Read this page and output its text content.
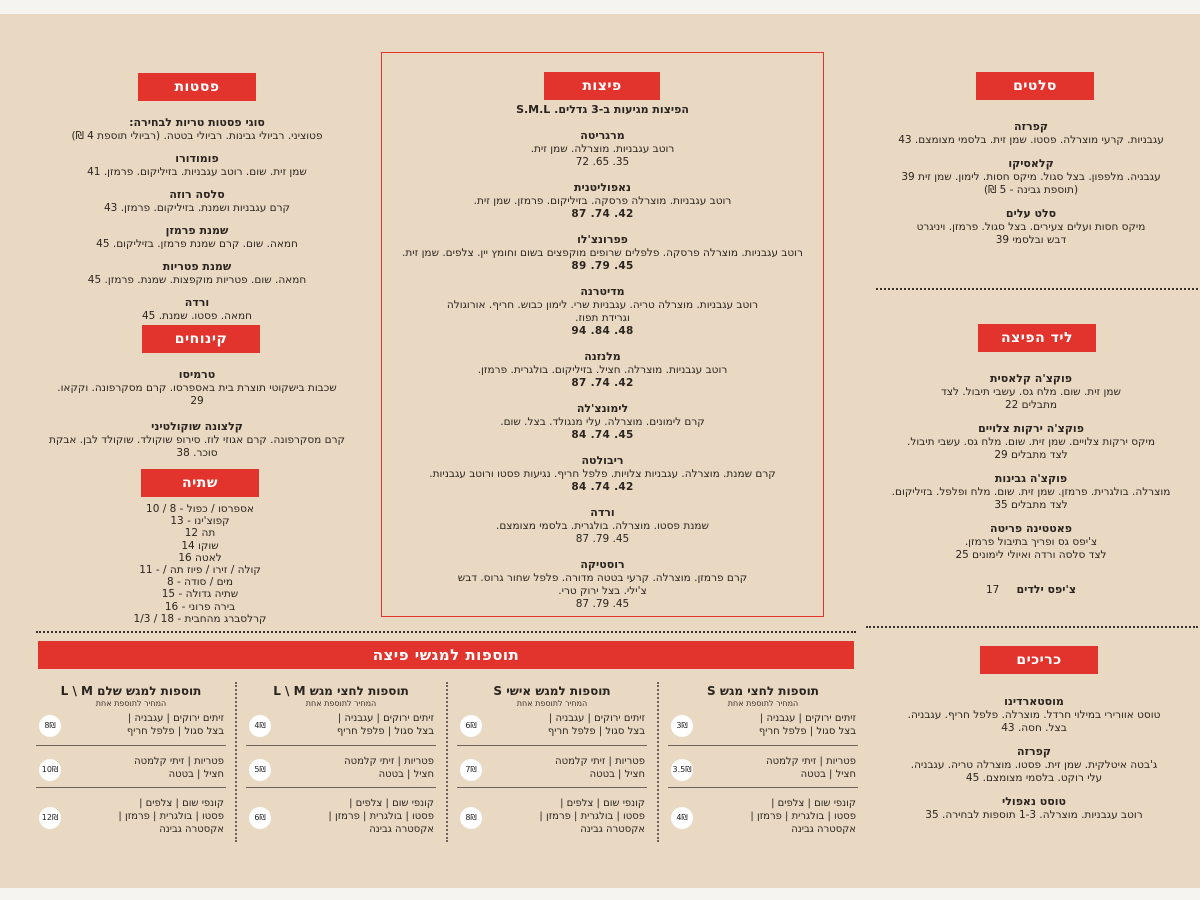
סלטים
קפרזה
עגבניות. קרעי מוצרלה. פסטו. שמן זית. בלסמי מצומצם. 43
קלאסיקו
עגבניה. מלפפון. בצל סגול. מיקס חסות. לימון. שמן זית 39
(תוספת גבינה - 5 ₪)
סלט עלים
מיקס חסות ועלים צעירים. בצל סגול. פרמזן. ויניגרט דבש ובלסמי 39
ליד הפיצה
פוקצ'ה קלאסית
שמן זית. שום. מלח גס. עשבי תיבול. לצד מתבלים 22
פוקצ'ה ירקות צלויים
מיקס ירקות צלויים. שמן זית. שום. מלח גס. עשבי תיבול.
לצד מתבלים 29
פוקצ'ה גבינות
מוצרלה. בולגרית. פרמזן. שמן זית. שום. מלח ופלפל. בזיליקום.
לצד מתבלים 35
פאטטינה פריטה
צ'יפס גס ופריך בתיבול פרמזן.
לצד סלסה ורדה ואיולי לימונים 25
צ'יפס ילדים 17
כריכים
מוסטארדינו
טוסט אוורירי במילוי חרדל. מוצרלה. פלפל חריף. עגבניה.
בצל. חסה. 43
קפרזה
ג'בטה איטלקית. שמן זית. פסטו. מוצרלה טריה. עגבניה.
עלי רוקט. בלסמי מצומצם. 45
טוסט נאפולי
רוטב עגבניות. מוצרלה. 1-3 תוספות לבחירה. 35
פיצות
הפיצות מגיעות ב-3 גדלים. S.M.L
מרגריטה
רוטב עגבניות. מוצרלה. שמן זית.
35. 65. 72
נאפוליטנית
רוטב עגבניות. מוצרלה פרסקה. בזיליקום. פרמזן. שמן זית.
42. 74. 87
פפרונצ'לו
רוטב עגבניות. מוצרלה פרסקה. פלפלים שרופים מוקפצים בשום וחומץ יין. צלפים. שמן זית.
45. 79. 89
מדיטרנה
רוטב עגבניות. מוצרלה טריה. עגבניות שרי. לימון כבוש. חריף. אורוגולה וגרידת תפוז.
48. 84. 94
מלנזנה
רוטב עגבניות. מוצרלה. חציל. בזיליקום. בולגרית. פרמזן.
42. 74. 87
לימונצ'לה
קרם לימונים. מוצרלה. עלי מנגולד. בצל. שום.
45. 74. 84
ריבולטה
קרם שמנת. מוצרלה. עגבניות צלויות. פלפל חריף. נגיעות פסטו ורוטב עגבניות.
42. 74. 84
ורדה
שמנת פסטו. מוצרלה. בולגרית. בלסמי מצומצם.
45. 79. 87
רוסטיקה
קרם פרמזן. מוצרלה. קרעי בטטה מדורה. פלפל שחור גרוס. דבש צ'ילי. בצל ירוק טרי.
45. 79. 87
פסטות
סוגי פסטות טריות לבחירה:
פטוציני. רביולי גבינות. רביולי בטטה. (רביולי תוספת 4 ₪)
פומודורו
שמן זית. שום. רוטב עגבניות. בזיליקום. פרמזן. 41
סלסה רוזה
קרם עגבניות ושמנת. בזיליקום. פרמזן. 43
שמנת פרמזן
חמאה. שום. קרם שמנת פרמזן. בזיליקום. 45
שמנת פטריות
חמאה. שום. פטריות מוקפצות. שמנת. פרמזן. 45
ורדה
חמאה. פסטו. שמנת. 45
קינוחים
טרמיסו
שכבות בישקוטי תוצרת בית באספרסו. קרם מסקרפונה. וקקאו.
29
קלצונה שוקולטיני
קרם מסקרפונה. קרם אגוזי לוז. סירופ שוקולד. שוקולד לבן. אבקת סוכר. 38
שתיה
אספרסו / כפול - 8 / 10
קפוצ'ינו - 13
תה 12
שוקו 14
לאטה 16
קולה / זירו / פיוז תה / - 11
מים / סודה - 8
שתיה גדולה - 15
בירה פרוני - 16
קרלסברג מהחבית - 18 / 1/3
תוספות למגשי פיצה
תוספות לחצי מגש S
המחיר לתוספת אחת
זיתים ירוקים | עגבניה |
בצל סגול | פלפל חריף
3₪
פטריות | זיתי קלמטה
חציל | בטטה
3.5₪
קונפי שום | צלפים |
פסטו | בולגרית | פרמזן |
אקסטרה גבינה
4₪
תוספות למגש אישי S
המחיר לתוספת אחת
זיתים ירוקים | עגבניה |
בצל סגול | פלפל חריף
6₪
פטריות | זיתי קלמטה
חציל | בטטה
7₪
קונפי שום | צלפים |
פסטו | בולגרית | פרמזן |
אקסטרה גבינה
8₪
תוספות לחצי מגש L \ M
המחיר לתוספת אחת
זיתים ירוקים | עגבניה |
בצל סגול | פלפל חריף
4₪
פטריות | זיתי קלמטה
חציל | בטטה
5₪
קונפי שום | צלפים |
פסטו | בולגרית | פרמזן |
אקסטרה גבינה
6₪
תוספות למגש שלם L \ M
המחיר לתוספת אחת
זיתים ירוקים | עגבניה |
בצל סגול | פלפל חריף
8₪
פטריות | זיתי קלמטה
חציל | בטטה
10₪
קונפי שום | צלפים |
פסטו | בולגרית | פרמזן |
אקסטרה גבינה
12₪
